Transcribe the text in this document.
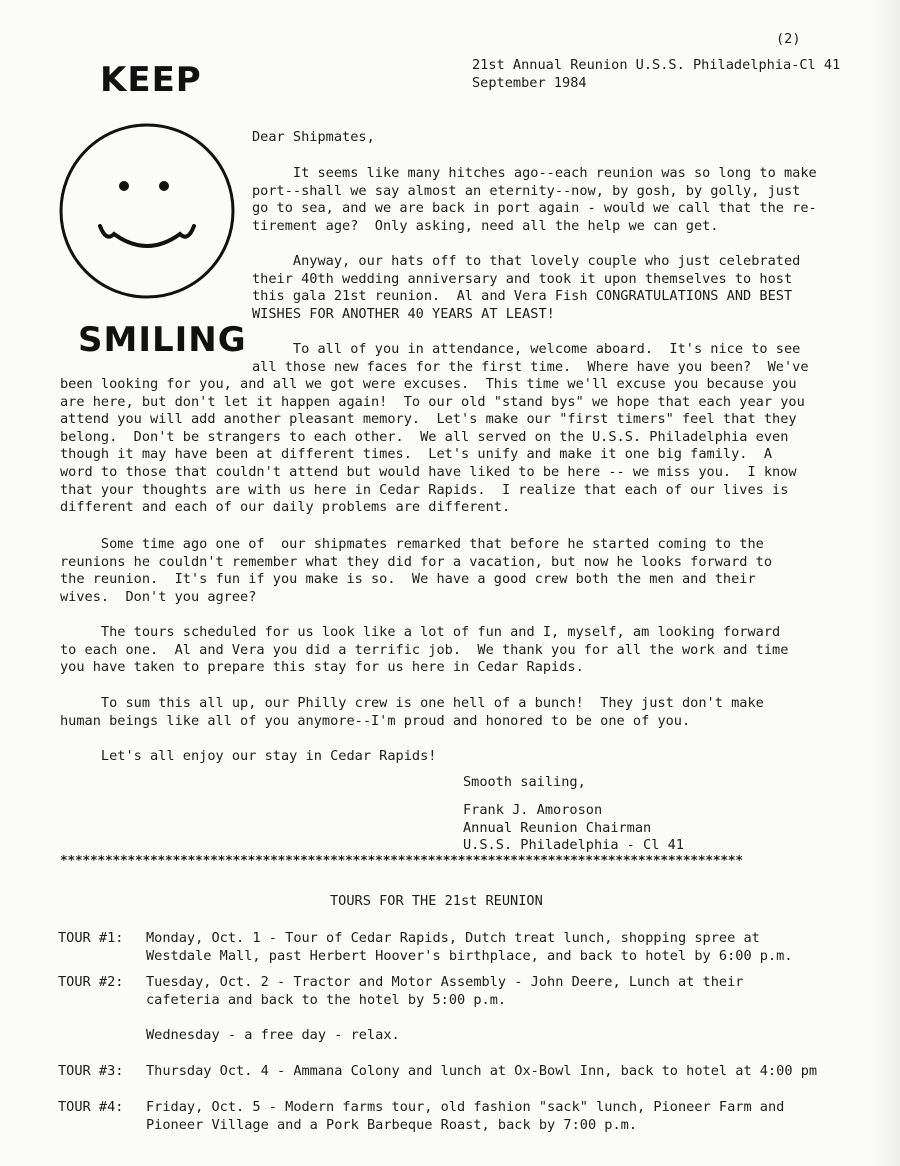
(2)
21st Annual Reunion U.S.S. Philadelphia-Cl 41
September 1984
KEEP
SMILING
Dear Shipmates,
It seems like many hitches ago--each reunion was so long to make
port--shall we say almost an eternity--now, by gosh, by golly, just
go to sea, and we are back in port again - would we call that the re-
tirement age?  Only asking, need all the help we can get.
Anyway, our hats off to that lovely couple who just celebrated
their 40th wedding anniversary and took it upon themselves to host
this gala 21st reunion.  Al and Vera Fish CONGRATULATIONS AND BEST
WISHES FOR ANOTHER 40 YEARS AT LEAST!
To all of you in attendance, welcome aboard.  It's nice to see
all those new faces for the first time.  Where have you been?  We've
been looking for you, and all we got were excuses.  This time we'll excuse you because you
are here, but don't let it happen again!  To our old "stand bys" we hope that each year you
attend you will add another pleasant memory.  Let's make our "first timers" feel that they
belong.  Don't be strangers to each other.  We all served on the U.S.S. Philadelphia even
though it may have been at different times.  Let's unify and make it one big family.  A
word to those that couldn't attend but would have liked to be here -- we miss you.  I know
that your thoughts are with us here in Cedar Rapids.  I realize that each of our lives is
different and each of our daily problems are different.
Some time ago one of  our shipmates remarked that before he started coming to the
reunions he couldn't remember what they did for a vacation, but now he looks forward to
the reunion.  It's fun if you make is so.  We have a good crew both the men and their
wives.  Don't you agree?
The tours scheduled for us look like a lot of fun and I, myself, am looking forward
to each one.  Al and Vera you did a terrific job.  We thank you for all the work and time
you have taken to prepare this stay for us here in Cedar Rapids.
To sum this all up, our Philly crew is one hell of a bunch!  They just don't make
human beings like all of you anymore--I'm proud and honored to be one of you.
Let's all enjoy our stay in Cedar Rapids!
Smooth sailing,
Frank J. Amoroson
Annual Reunion Chairman
U.S.S. Philadelphia - Cl 41
*******************************************************************************************
TOURS FOR THE 21st REUNION
TOUR #1: Monday, Oct. 1 - Tour of Cedar Rapids, Dutch treat lunch, shopping spree at
Westdale Mall, past Herbert Hoover's birthplace, and back to hotel by 6:00 p.m.
TOUR #2: Tuesday, Oct. 2 - Tractor and Motor Assembly - John Deere, Lunch at their
cafeteria and back to the hotel by 5:00 p.m.
Wednesday - a free day - relax.
TOUR #3: Thursday Oct. 4 - Ammana Colony and lunch at Ox-Bowl Inn, back to hotel at 4:00 pm
TOUR #4: Friday, Oct. 5 - Modern farms tour, old fashion "sack" lunch, Pioneer Farm and
Pioneer Village and a Pork Barbeque Roast, back by 7:00 p.m.
